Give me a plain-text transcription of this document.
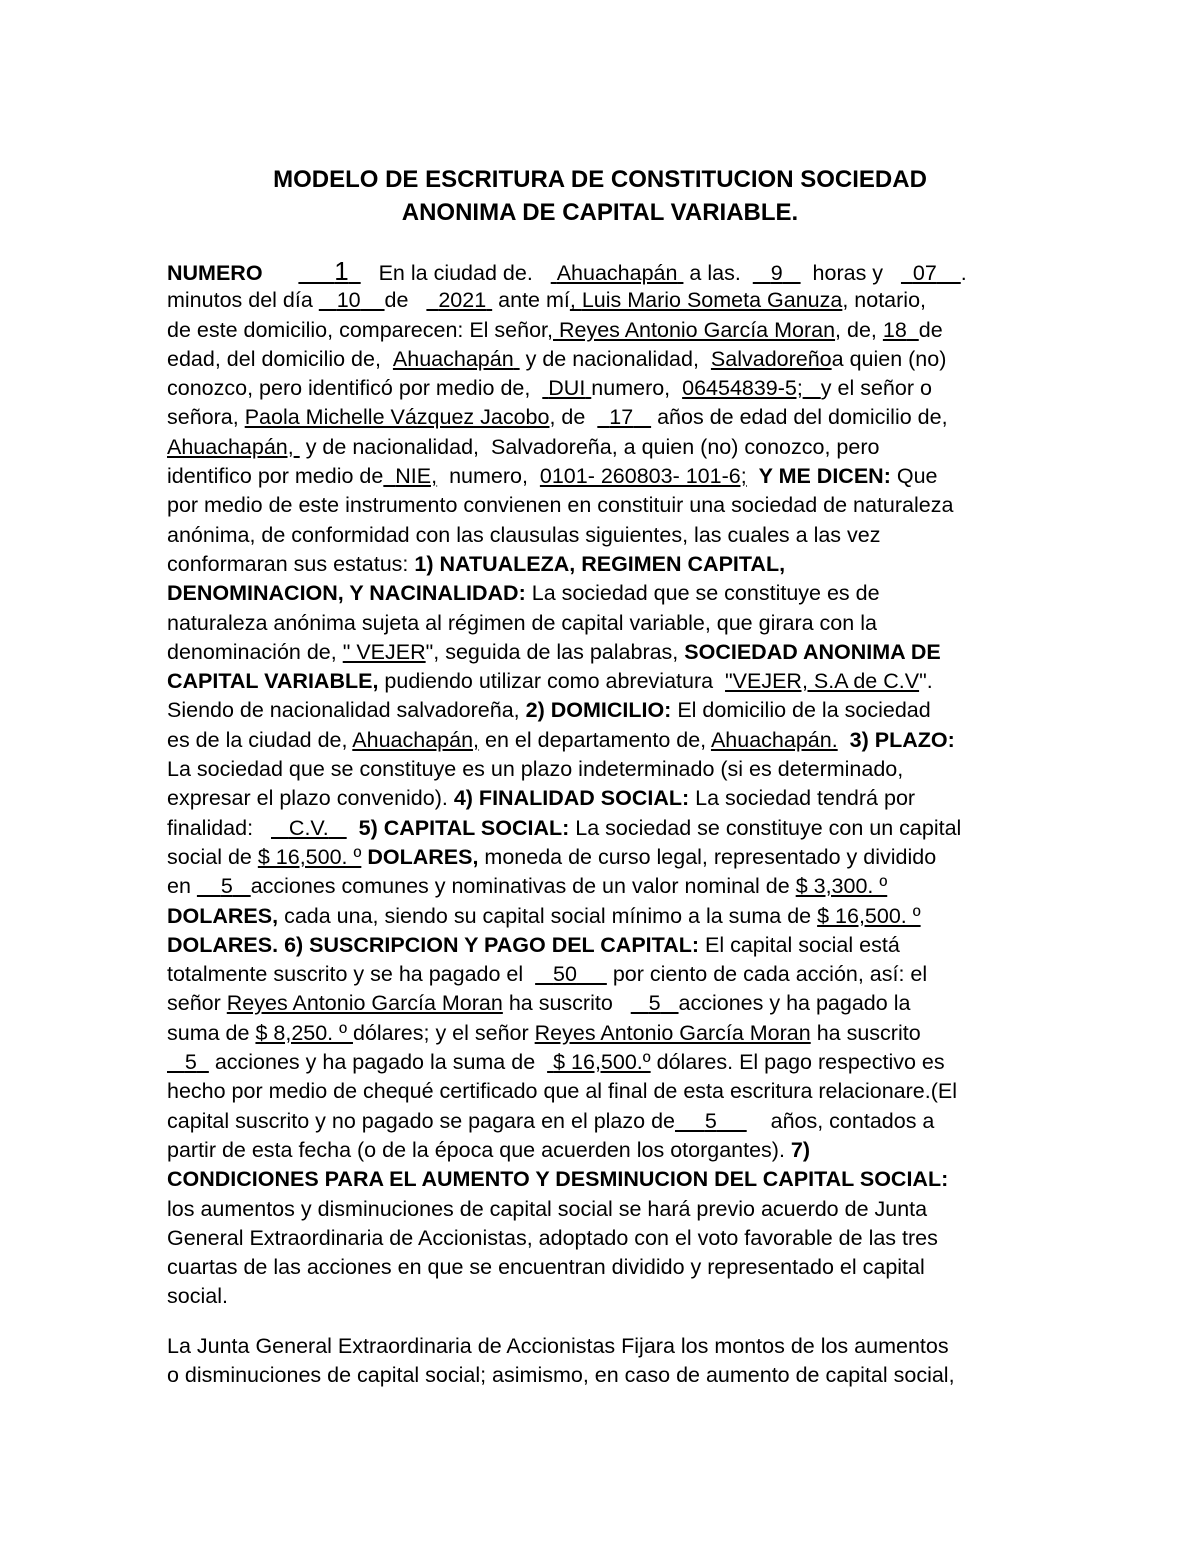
MODELO DE ESCRITURA DE CONSTITUCION SOCIEDAD
ANONIMA DE CAPITAL VARIABLE.
NUMERO	1 En la ciudad de. Ahuachapán a las. 9 horas y 07 .
minutos del día 10 de 2021 ante mí, Luis Mario Someta Ganuza, notario,
de este domicilio, comparecen: El señor, Reyes Antonio García Moran, de, 18 de
edad, del domicilio de, Ahuachapán y de nacionalidad, Salvadoreñoa quien (no)
conozco, pero identificó por medio de, DUI numero, 06454839-5; y el señor o
señora, Paola Michelle Vázquez Jacobo, de 17 años de edad del domicilio de,
Ahuachapán, y de nacionalidad, Salvadoreña, a quien (no) conozco, pero
identifico por medio de NIE, numero, 0101- 260803- 101-6; Y ME DICEN: Que
por medio de este instrumento convienen en constituir una sociedad de naturaleza
anónima, de conformidad con las clausulas siguientes, las cuales a las vez
conformaran sus estatus: 1) NATUALEZA, REGIMEN CAPITAL,
DENOMINACION, Y NACINALIDAD: La sociedad que se constituye es de
naturaleza anónima sujeta al régimen de capital variable, que girara con la
denominación de, " VEJER", seguida de las palabras, SOCIEDAD ANONIMA DE
CAPITAL VARIABLE, pudiendo utilizar como abreviatura "VEJER, S.A de C.V".
Siendo de nacionalidad salvadoreña, 2) DOMICILIO: El domicilio de la sociedad
es de la ciudad de, Ahuachapán, en el departamento de, Ahuachapán. 3) PLAZO:
La sociedad que se constituye es un plazo indeterminado (si es determinado,
expresar el plazo convenido). 4) FINALIDAD SOCIAL: La sociedad tendrá por
finalidad: C.V. 5) CAPITAL SOCIAL: La sociedad se constituye con un capital
social de $ 16,500. º DOLARES, moneda de curso legal, representado y dividido
en 5 acciones comunes y nominativas de un valor nominal de $ 3,300. º
DOLARES, cada una, siendo su capital social mínimo a la suma de $ 16,500. º
DOLARES. 6) SUSCRIPCION Y PAGO DEL CAPITAL: El capital social está
totalmente suscrito y se ha pagado el 50 por ciento de cada acción, así: el
señor Reyes Antonio García Moran ha suscrito 5 acciones y ha pagado la
suma de $ 8,250. º dólares; y el señor Reyes Antonio García Moran ha suscrito
5 acciones y ha pagado la suma de $ 16,500.º dólares. El pago respectivo es
hecho por medio de chequé certificado que al final de esta escritura relacionare.(El
capital suscrito y no pagado se pagara en el plazo de 5	años, contados a
partir de esta fecha (o de la época que acuerden los otorgantes). 7)
CONDICIONES PARA EL AUMENTO Y DESMINUCION DEL CAPITAL SOCIAL:
los aumentos y disminuciones de capital social se hará previo acuerdo de Junta
General Extraordinaria de Accionistas, adoptado con el voto favorable de las tres
cuartas de las acciones en que se encuentran dividido y representado el capital
social.
La Junta General Extraordinaria de Accionistas Fijara los montos de los aumentos
o disminuciones de capital social; asimismo, en caso de aumento de capital social,
